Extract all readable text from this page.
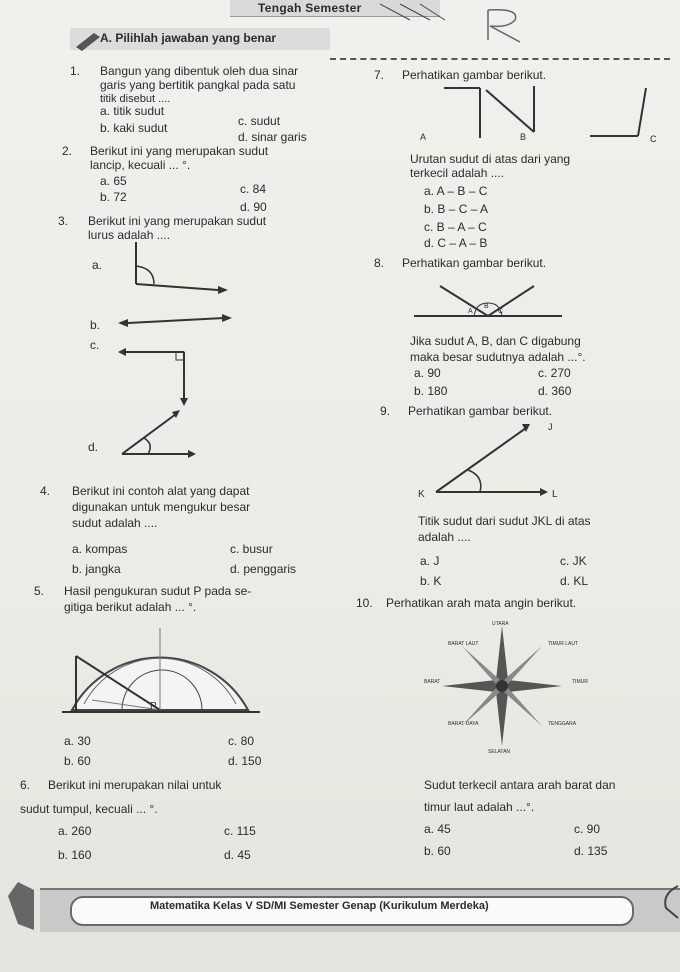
Tengah Semester
A. Pilihlah jawaban yang benar
1. Bangun yang dibentuk oleh dua sinar
garis yang bertitik pangkal pada satu
titik disebut ....
a. titik sudut
b. kaki sudut	c. sudut
d. sinar garis
2. Berikut ini yang merupakan sudut
lancip, kecuali ... °.
a. 65
b. 72
c. 84
d. 90
3. Berikut ini yang merupakan sudut
lurus adalah ....
a.
b.
c.
d.
4. Berikut ini contoh alat yang dapat
digunakan untuk mengukur besar
sudut adalah ....
a. kompas
b. jangka
c. busur
d. penggaris
5. Hasil pengukuran sudut P pada se-
gitiga berikut adalah ... °.
P
a. 30
b. 60
c. 80
d. 150
6. Berikut ini merupakan nilai untuk
sudut tumpul, kecuali ... °.
a. 260
b. 160
c. 115
d. 45
7. Perhatikan gambar berikut.
A	B	C
Urutan sudut di atas dari yang
terkecil adalah ....
a. A – B – C
b. B – C – A
c. B – A – C
d. C – A – B
8. Perhatikan gambar berikut.
A
B
C
Jika sudut A, B, dan C digabung
maka besar sudutnya adalah ...°.
a. 90
b. 180
c. 270
d. 360
9. Perhatikan gambar berikut.
J
K	L
Titik sudut dari sudut JKL di atas
adalah ....
a. J
b. K
c. JK
d. KL
10. Perhatikan arah mata angin berikut.
UTARA
SELATAN
TIMUR
BARAT
BARAT LAUT	TIMUR LAUT
BARAT DAYA	TENGGARA
Sudut terkecil antara arah barat dan
timur laut adalah ...°.
a. 45
b. 60
c. 90
d. 135
Matematika Kelas V SD/MI Semester Genap (Kurikulum Merdeka)
